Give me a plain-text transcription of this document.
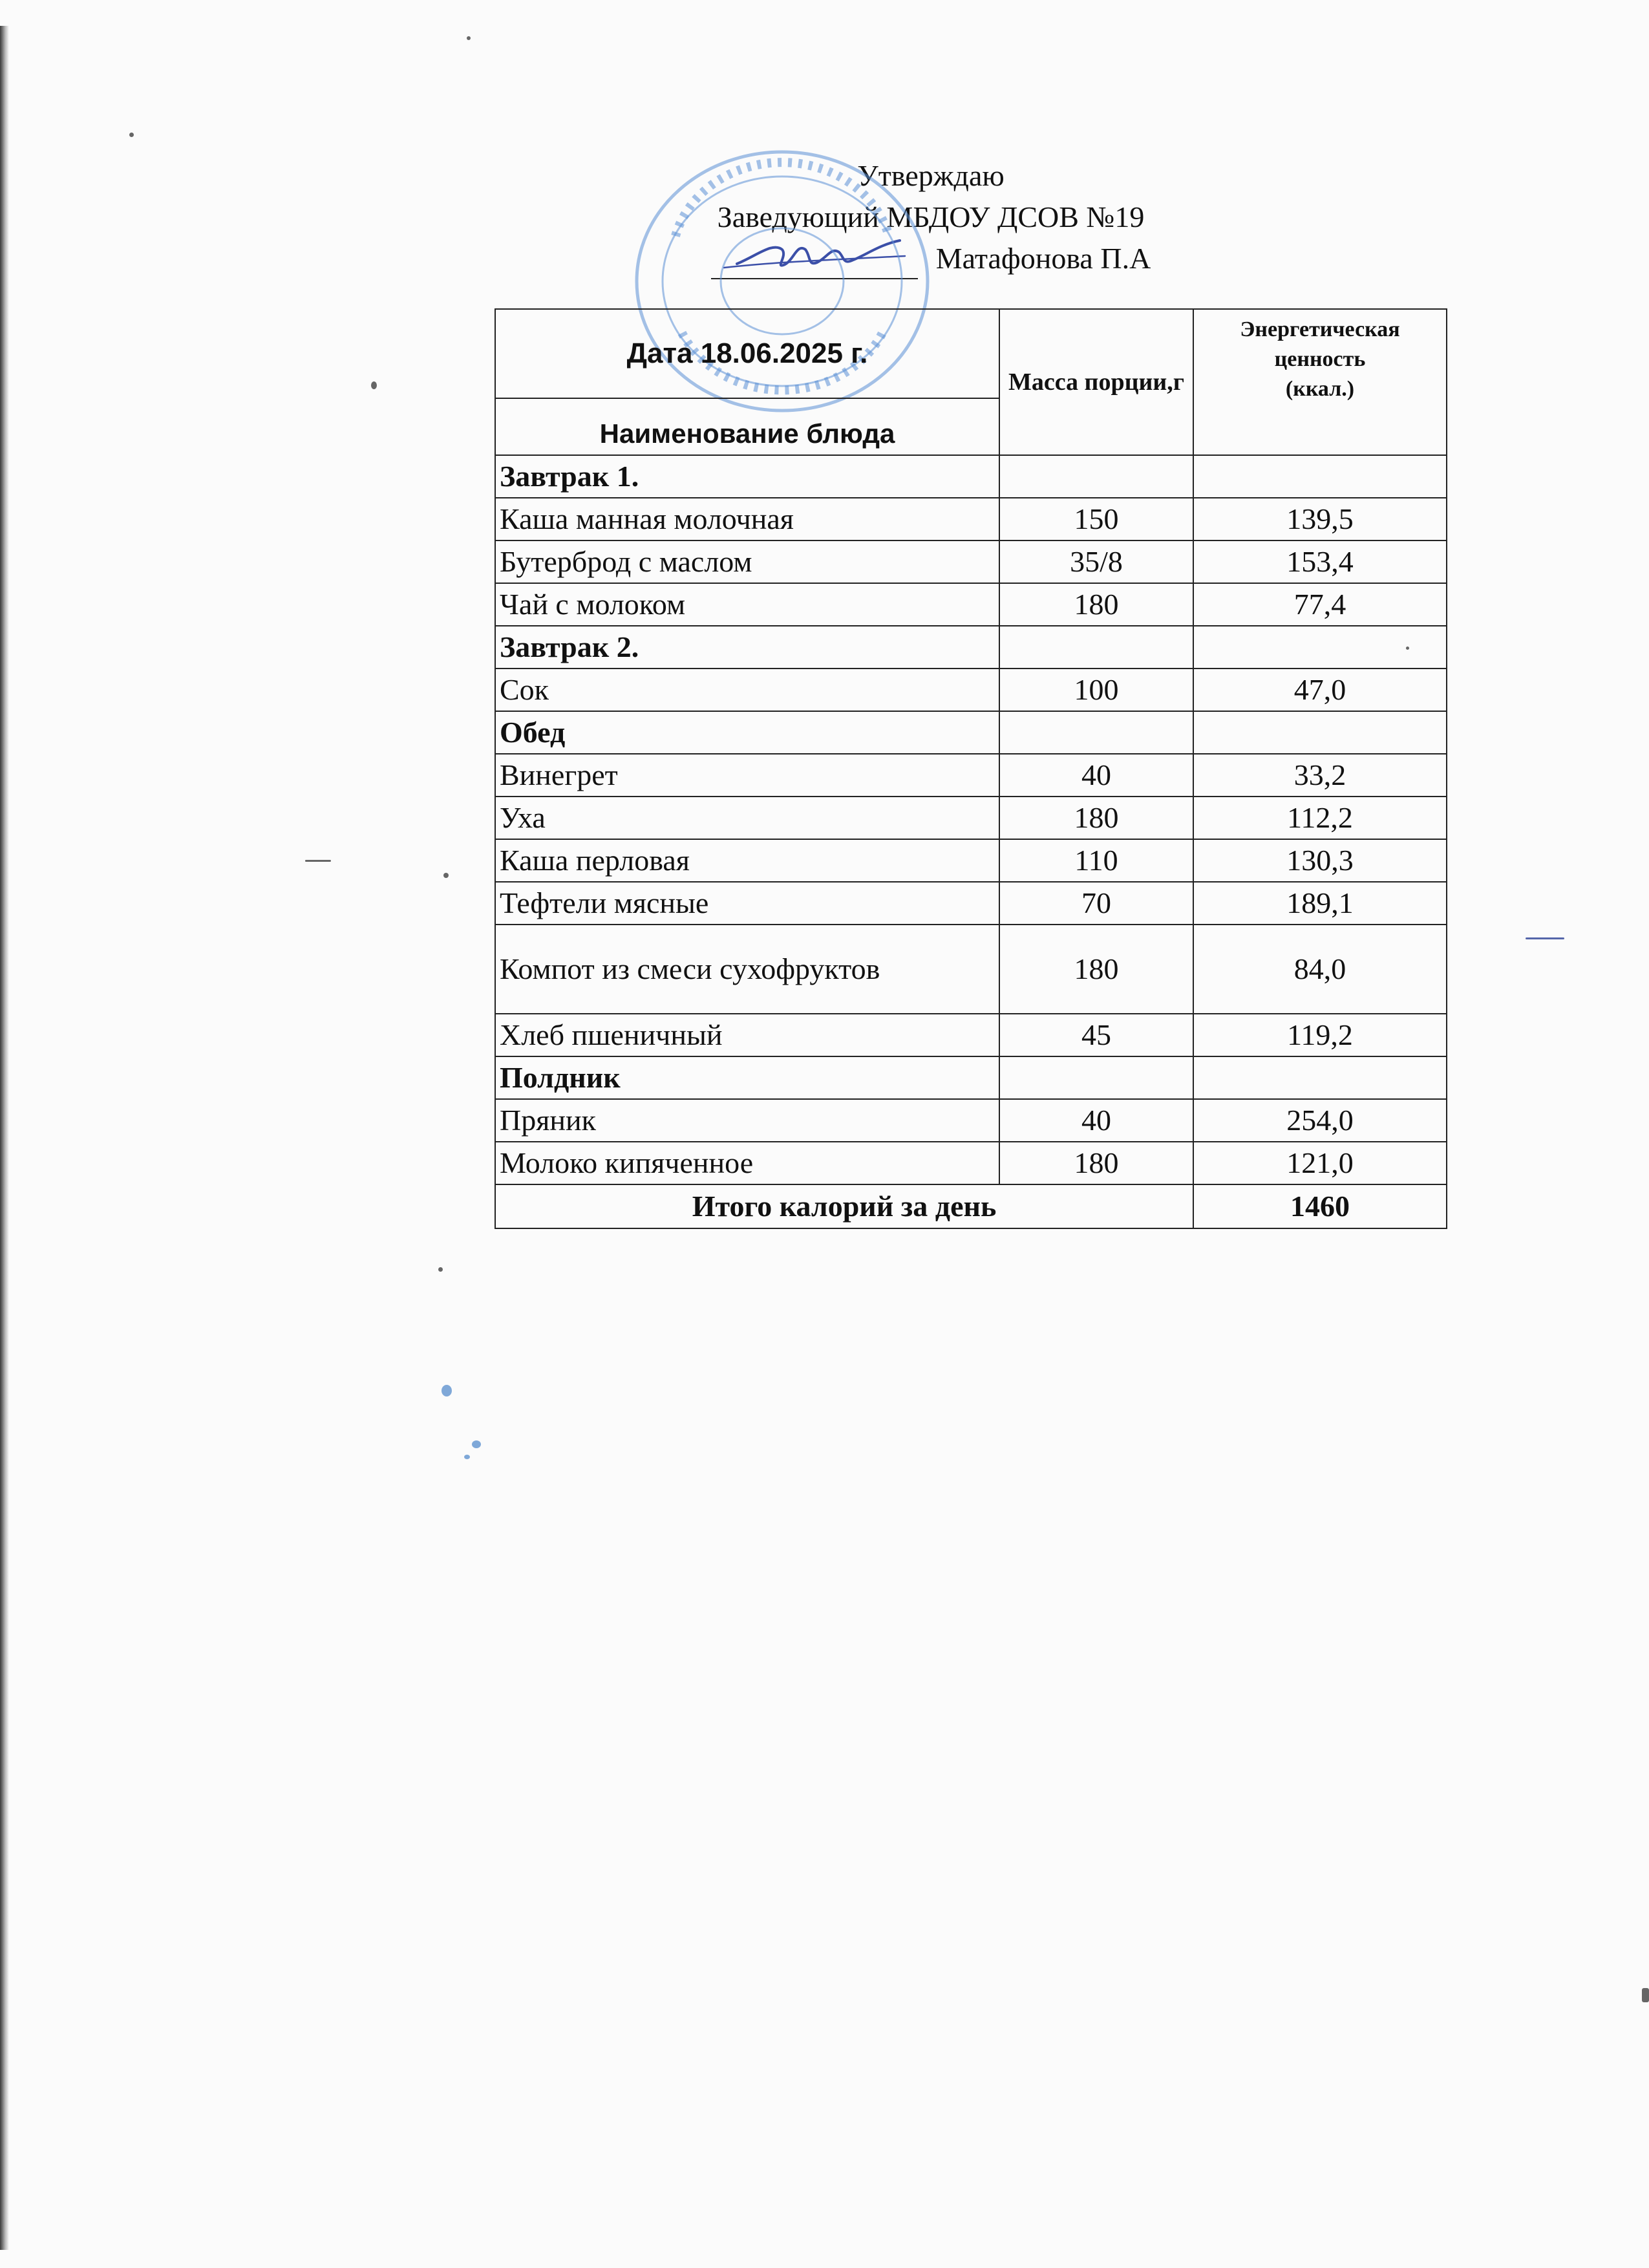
Утверждаю
Заведующий МБДОУ ДСОВ №19
Матафонова П.А
Дата 18.06.2025 г.	Масса порции,г	Энергетическая
ценность
(ккал.)
Наименование блюда		
Завтрак 1.		
Каша манная молочная	150	139,5
Бутерброд с маслом	35/8	153,4
Чай с молоком	180	77,4
Завтрак 2.		
Сок	100	47,0
Обед		
Винегрет	40	33,2
Уха	180	112,2
Каша перловая	110	130,3
Тефтели мясные	70	189,1
Компот из смеси сухофруктов	180	84,0
Хлеб пшеничный	45	119,2
Полдник		
Пряник	40	254,0
Молоко кипяченное	180	121,0
Итого калорий за день		1460
